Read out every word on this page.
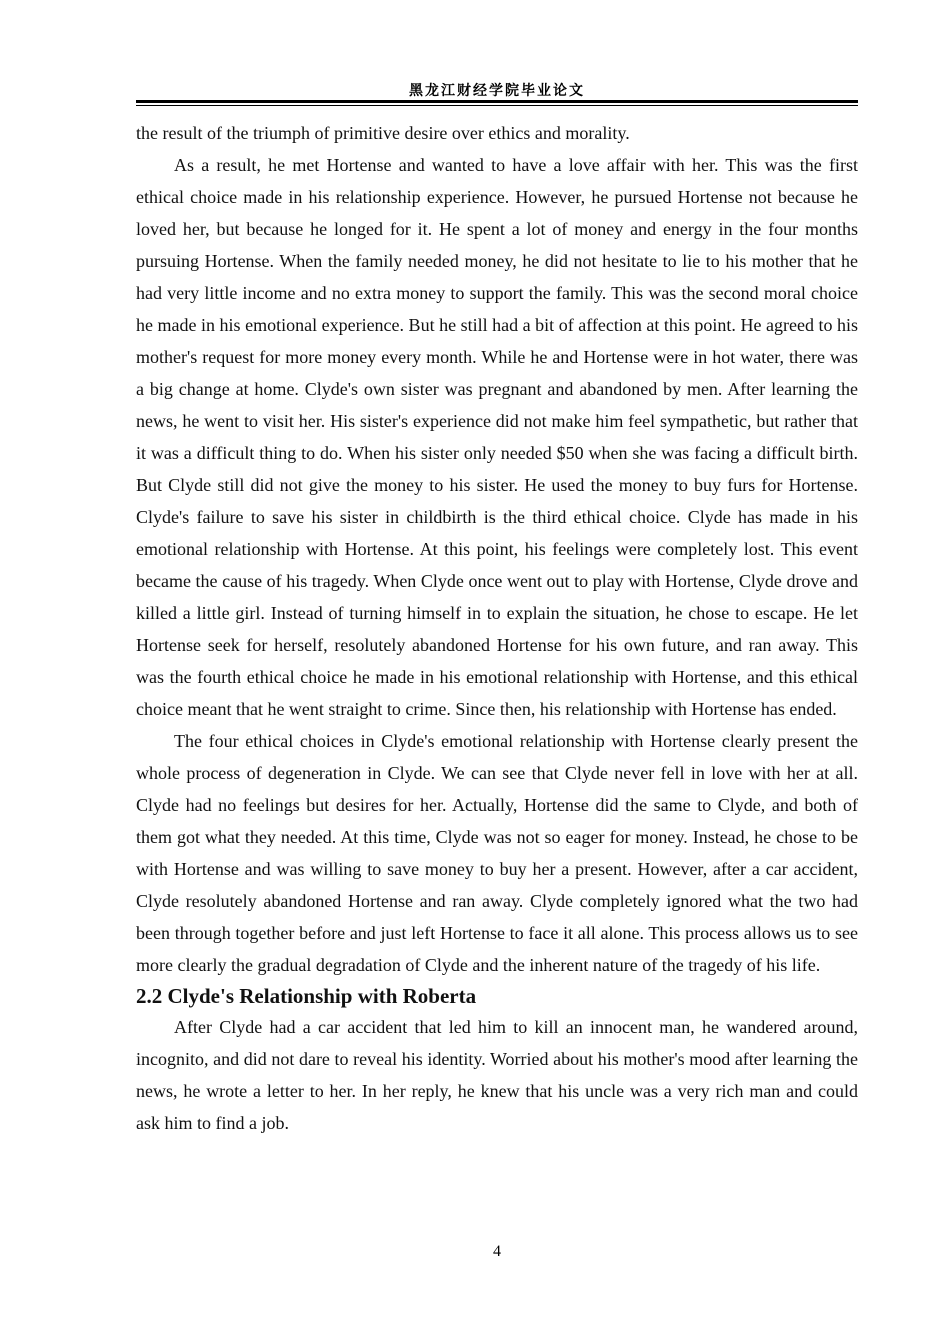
黑龙江财经学院毕业论文

the result of the triumph of primitive desire over ethics and morality.

As a result, he met Hortense and wanted to have a love affair with her. This was the first ethical choice made in his relationship experience. However, he pursued Hortense not because he loved her, but because he longed for it. He spent a lot of money and energy in the four months pursuing Hortense. When the family needed money, he did not hesitate to lie to his mother that he had very little income and no extra money to support the family. This was the second moral choice he made in his emotional experience. But he still had a bit of affection at this point. He agreed to his mother's request for more money every month. While he and Hortense were in hot water, there was a big change at home. Clyde's own sister was pregnant and abandoned by men. After learning the news, he went to visit her. His sister's experience did not make him feel sympathetic, but rather that it was a difficult thing to do. When his sister only needed $50 when she was facing a difficult birth. But Clyde still did not give the money to his sister. He used the money to buy furs for Hortense. Clyde's failure to save his sister in childbirth is the third ethical choice. Clyde has made in his emotional relationship with Hortense. At this point, his feelings were completely lost. This event became the cause of his tragedy. When Clyde once went out to play with Hortense, Clyde drove and killed a little girl. Instead of turning himself in to explain the situation, he chose to escape. He let Hortense seek for herself, resolutely abandoned Hortense for his own future, and ran away. This was the fourth ethical choice he made in his emotional relationship with Hortense, and this ethical choice meant that he went straight to crime. Since then, his relationship with Hortense has ended.

The four ethical choices in Clyde's emotional relationship with Hortense clearly present the whole process of degeneration in Clyde. We can see that Clyde never fell in love with her at all. Clyde had no feelings but desires for her. Actually, Hortense did the same to Clyde, and both of them got what they needed. At this time, Clyde was not so eager for money. Instead, he chose to be with Hortense and was willing to save money to buy her a present. However, after a car accident, Clyde resolutely abandoned Hortense and ran away. Clyde completely ignored what the two had been through together before and just left Hortense to face it all alone. This process allows us to see more clearly the gradual degradation of Clyde and the inherent nature of the tragedy of his life.

2.2 Clyde's Relationship with Roberta

After Clyde had a car accident that led him to kill an innocent man, he wandered around, incognito, and did not dare to reveal his identity. Worried about his mother's mood after learning the news, he wrote a letter to her. In her reply, he knew that his uncle was a very rich man and could ask him to find a job.

4
